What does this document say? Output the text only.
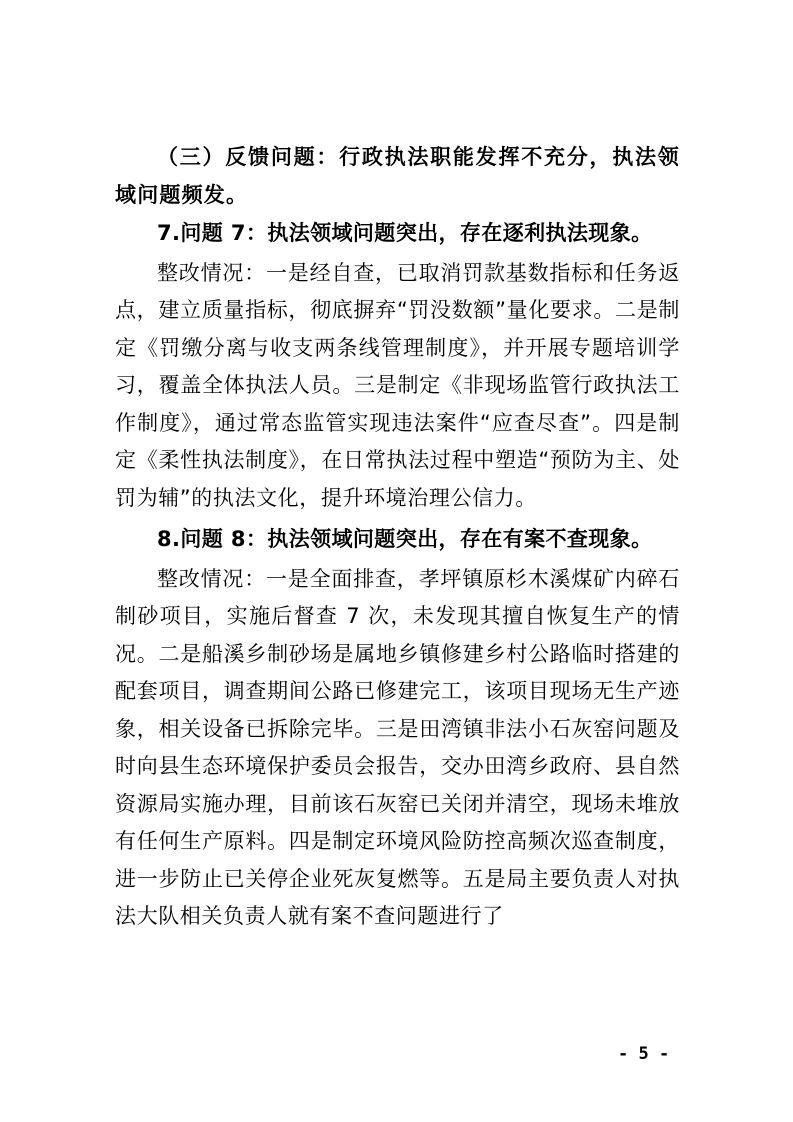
（三）反馈问题：行政执法职能发挥不充分，执法领域问题频发。

7.问题 7：执法领域问题突出，存在逐利执法现象。

整改情况：一是经自查，已取消罚款基数指标和任务返点，建立质量指标，彻底摒弃“罚没数额”量化要求。二是制定《罚缴分离与收支两条线管理制度》，并开展专题培训学习，覆盖全体执法人员。三是制定《非现场监管行政执法工作制度》，通过常态监管实现违法案件“应查尽查”。四是制定《柔性执法制度》，在日常执法过程中塑造“预防为主、处罚为辅”的执法文化，提升环境治理公信力。

8.问题 8：执法领域问题突出，存在有案不查现象。

整改情况：一是全面排查，孝坪镇原杉木溪煤矿内碎石制砂项目，实施后督查 7 次，未发现其擅自恢复生产的情况。二是船溪乡制砂场是属地乡镇修建乡村公路临时搭建的配套项目，调查期间公路已修建完工，该项目现场无生产迹象，相关设备已拆除完毕。三是田湾镇非法小石灰窑问题及时向县生态环境保护委员会报告，交办田湾乡政府、县自然资源局实施办理，目前该石灰窑已关闭并清空，现场未堆放有任何生产原料。四是制定环境风险防控高频次巡查制度，进一步防止已关停企业死灰复燃等。五是局主要负责人对执法大队相关负责人就有案不查问题进行了

- 5 -
